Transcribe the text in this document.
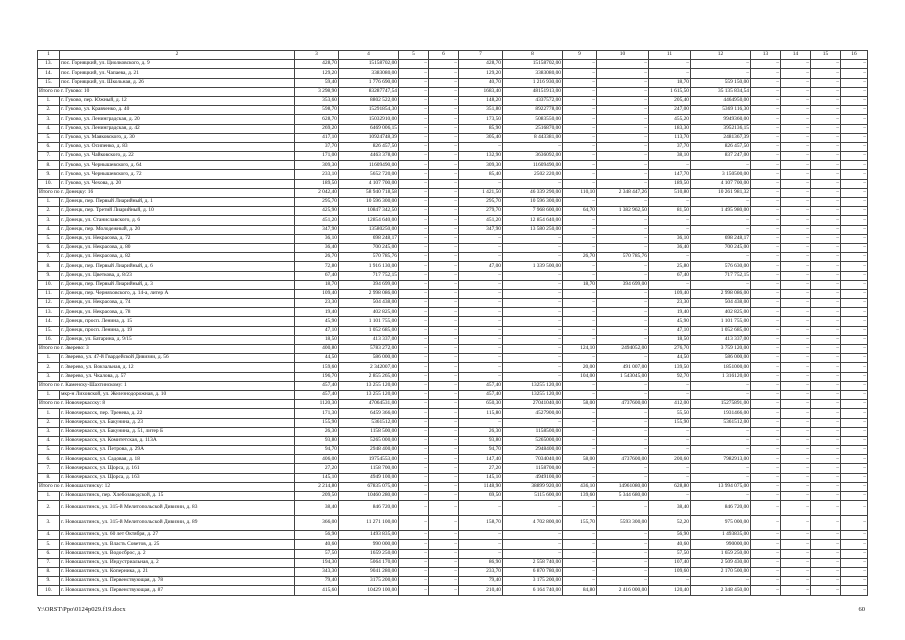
1	2	3	4	5	6	7	8	9	10	11	12	13	14	15	16
13.	пос. Горняцкий, ул. Циолковского, д. 9	428,70	15158702,00	–	–	428,70	15158702,00	–	–	–	–	–	–	–	–
14.	пос. Горняцкий, ул. Чапаева, д. 21	129,20	3383080,00	–	–	129,20	3383080,00	–	–	–	–	–	–	–	–
15.	пос. Горняцкий, ул. Школьная, д. 26	59,40	1 776 690,00	–	–	40,70	1 216 930,00	–	–	18,70	559 150,00	–	–	–	–
Итого по г. Гуково: 10		3 298,90	83287747,54	–	–	1683,40	48151913,00	–	–	1 615,50	35 135 834,54	–	–	–	–
1.	г. Гуково, пер. Южный, д. 12	353,60	8802 522,00	–	–	148,20	4337572,00	–	–	205,40	4464950,00	–	–	–	–
2.	г. Гуково, ул. Кравченко, д. 40	598,70	15291854,30	–	–	351,80	8922778,00	–	–	247,00	5369 116,30	–	–	–	–
3.	г. Гуково, ул. Ленинградская, д. 20	628,70	15032910,00	–	–	173,50	5083550,00	–	–	455,20	9949360,00	–	–	–	–
4.	г. Гуково, ул. Ленинградская, д. 42	269,20	6469 006,15	–	–	85,90	2516870,00	–	–	183,30	3952136,15	–	–	–	–
5.	г. Гуково, ул. Маяковского, д. 30	417,10	10924748,39	–	–	305,40	8 443381,00	–	–	113,70	2481367,39	–	–	–	–
6.	г. Гуково, ул. Осипенко, д. 83	37,70	826 457,50	–	–	–	–	–	–	37,70	826 457,50	–	–	–	–
7.	г. Гуково, ул. Чайковского, д. 22	171,00	4463 378,00	–	–	132,90	3636092,00	–	–	38,10	837 247,00	–	–	–	–
8.	г. Гуково, ул. Чернышевского, д. 64	309,30	11609490,00	–	–	309,30	11609490,00	–	–	–	–	–	–	–	–
9.	г. Гуково, ул. Чернышевского, д. 72	233,10	5652 720,00	–	–	85,40	2502 220,00	–	–	147,70	3 150500,00	–	–	–	–
10.	г. Гуково, ул. Чехова, д. 20	189,50	4 107 700,00	–	–	–	–	–	–	189,50	4 107 700,00	–	–	–	–
Итого по г. Донецку: 16		2 042,40	58 940 718,58	–	–	1 421,50	46 339 290,00	110,10	2 348 447,26	510,80	10 261 981,32	–	–	–	–
1.	г. Донецк, пер. Первый Лиарийный, д. 1	295,70	10 596 300,00	–	–	295,70	10 596 300,00	–	–	–	–	–	–	–	–
2.	г. Донецк, пер. Третий Лиарийный, д. 10	425,90	10847 342,50	–	–	279,70	7 968 600,00	64,70	1 382 962,50	81,50	1 495 980,00	–	–	–	–
3.	г. Донецк, ул. Станиславского, д. 6	451,20	12854 640,00	–	–	451,20	12 854 640,00	–	–	–	–	–	–	–	–
4.	г. Донецк, пер. Молодежный, д. 20	347,90	13580250,00	–	–	347,90	13 580 250,00	–	–	–	–	–	–	–	–
5.	г. Донецк, ул. Некрасова, д. 72	36,10	698 248,17	–	–	–	–	–	–	36,10	698 248,17	–	–	–	–
6.	г. Донецк, ул. Некрасова, д. 80	36,40	700 245,00	–	–	–	–	–	–	36,40	700 245,00	–	–	–	–
7.	г. Донецк, ул. Некрасова, д. 82	26,70	570 785,76	–	–	–	–	26,70	570 785,76	–	–	–	–	–	–
8.	г. Донецк, пер. Первый Лиарийный, д. 6	72,80	1 916 130,00	–	–	47,00	1 339 500,00	–	–	25,80	576 630,00	–	–	–	–
9.	г. Донецк, ул. Цветкова, д. 8/23	67,40	717 752,15	–	–	–	–	–	–	67,40	717 752,15	–	–	–	–
10.	г. Донецк, пер. Первый Лиарийный, д. 3	18,70	394 699,00	–	–	–	–	18,70	394 699,00	–	–	–	–	–	–
11.	г. Донецк, пер. Черняховского, д. 14-а, литер А	109,40	2 998 086,00	–	–	–	–	–	–	109,40	2 998 086,00	–	–	–	–
12.	г. Донецк, ул. Некрасова, д. 74	23,30	504 438,00	–	–	–	–	–	–	23,30	504 438,00	–	–	–	–
13.	г. Донецк, ул. Некрасова, д. 78	19,40	402 825,00	–	–	–	–	–	–	19,40	402 825,00	–	–	–	–
14.	г. Донецк, просп. Ленина, д. 15	45,90	1 101 755,00	–	–	–	–	–	–	45,90	1 101 755,00	–	–	–	–
15.	г. Донецк, просп. Ленина, д. 19	47,10	1 052 685,00	–	–	–	–	–	–	47,10	1 052 685,00	–	–	–	–
16.	г. Донецк, ул. Батарина, д. 9/15	18,50	413 337,00	–	–	–	–	–	–	18,50	413 337,00	–	–	–	–
Итого по г. Зверево: 3		400,80	5783 272,00	–	–	–	–	124,10	2494052,00	276,70	3 759 120,00	–	–	–	–
1.	г. Зверево, ул. 47-й Гвардейской Дивизии, д. 56	44,50	586 000,00	–	–	–	–	–	–	44,50	586 000,00	–	–	–	–
2.	г. Зверево, ул. Вокзальная, д. 12	159,60	2 342007,00	–	–	–	–	20,00	491 007,00	139,50	1851000,00	–	–	–	–
3.	г. Зверево, ул. Чкалова, д. 57	196,70	2 855 265,00	–	–	–	–	104,00	1 543045,00	92,70	1 316120,00	–	–	–	–
Итого по г. Каменску-Шахтинскому: 1		457,40	13 255 120,00	–	–	457,40	13255 120,00	–	–	–	–	–	–	–	–
1.	мкр-н Лиховской, ул. Железнодорожная, д. 10	457,40	13 255 120,00	–	–	457,40	13255 120,00	–	–	–	–	–	–	–	–
Итого по г. Новочеркасску: 8		1120,30	47064531,00	–	–	650,30	27041040,00	58,00	4737600,00	412,00	15275891,00	–	–	–	–
1.	г. Новочеркасск, пер. Тренева, д. 22	171,30	6459 366,00	–	–	115,80	4527900,00	–	–	55,50	1931466,00	–	–	–	–
2.	г. Новочеркасск, ул. Бакунина, д. 23	155,90	5361512,00	–	–	–	–	–	–	155,90	5361512,00	–	–	–	–
3.	г. Новочеркасск, ул. Бакунина, д. 51, литер Б	26,30	1158 500,00	–	–	26,30	1158500,00	–	–	–	–	–	–	–	–
4.	г. Новочеркасск, ул. Комитетская, д. 113А	93,80	5265 000,00	–	–	93,80	5265000,00	–	–	–	–	–	–	–	–
5.	г. Новочеркасск, ул. Петрова, д. 29А	94,70	2948 400,00	–	–	94,70	2948400,00	–	–	–	–	–	–	–	–
6.	г. Новочеркасск, ул. Садовая, д. 18	406,00	19754553,00	–	–	147,40	7034040,00	58,00	4737600,00	200,60	7982913,00	–	–	–	–
7.	г. Новочеркасск, ул. Щорса, д. 161	27,20	1158 700,00	–	–	27,20	1158700,00	–	–	–	–	–	–	–	–
8.	г. Новочеркасск, ул. Щорса, д. 163	145,10	4949 100,00	–	–	145,10	4949100,00	–	–	–	–	–	–	–	–
Итого по г. Новошахтинску: 12		2 214,80	67835 075,00	–	–	1148,90	38899 920,00	436,10	14961080,00	628,80	13 994 075,00	–	–	–	–
1.	г. Новошахтинск, пер. Хлебозаводской, д. 15	209,50	10460 280,00	–	–	69,50	5115 600,00	139,60	5 344 680,00	–	–	–	–	–	–
2.	г. Новошахтинск, ул. 315-й Мелитопольской Дивизии, д. 83	38,40	846 720,00	–	–	–	–	–	–	38,40	846 720,00	–	–	–	–
3.	г. Новошахтинск, ул. 315-й Мелитопольской Дивизии, д. 89	366,00	11 271 100,00	–	–	158,70	4 702 800,00	155,70	5593 300,00	52,20	975 000,00	–	–	–	–
4.	г. Новошахтинск, ул. 60 лет Октября, д. 27	56,90	1493 835,00	–	–	–	–	–	–	56,90	1 493835,00	–	–	–	–
5.	г. Новошахтинск, ул. Власть Советов, д. 25	40,60	990 000,00	–	–	–	–	–	–	40,60	990000,00	–	–	–	–
6.	г. Новошахтинск, ул. Водосброс, д. 2	57,50	1659 250,00	–	–	–	–	–	–	57,50	1 659 250,00	–	–	–	–
7.	г. Новошахтинск, ул. Индустриальная, д. 2	194,30	5064 170,00	–	–	86,90	2 558 740,00	–	–	107,40	2 509 430,00	–	–	–	–
8.	г. Новошахтинск, ул. Коперника, д. 21	343,30	9041 280,00	–	–	233,70	6 870 780,00	–	–	109,60	2 170 500,00	–	–	–	–
9.	г. Новошахтинск, ул. Первенствующая, д. 78	79,40	3175 200,00	–	–	79,40	3 175 200,00	–	–	–	–	–	–	–	–
10.	г. Новошахтинск, ул. Первенствующая, д. 87	415,60	10429 100,00	–	–	210,40	6 164 740,00	84,80	2 416 000,00	120,40	2 348 450,00	–	–	–	–
Y:\ORST\Ppo\0124p029.f19.docx	60
